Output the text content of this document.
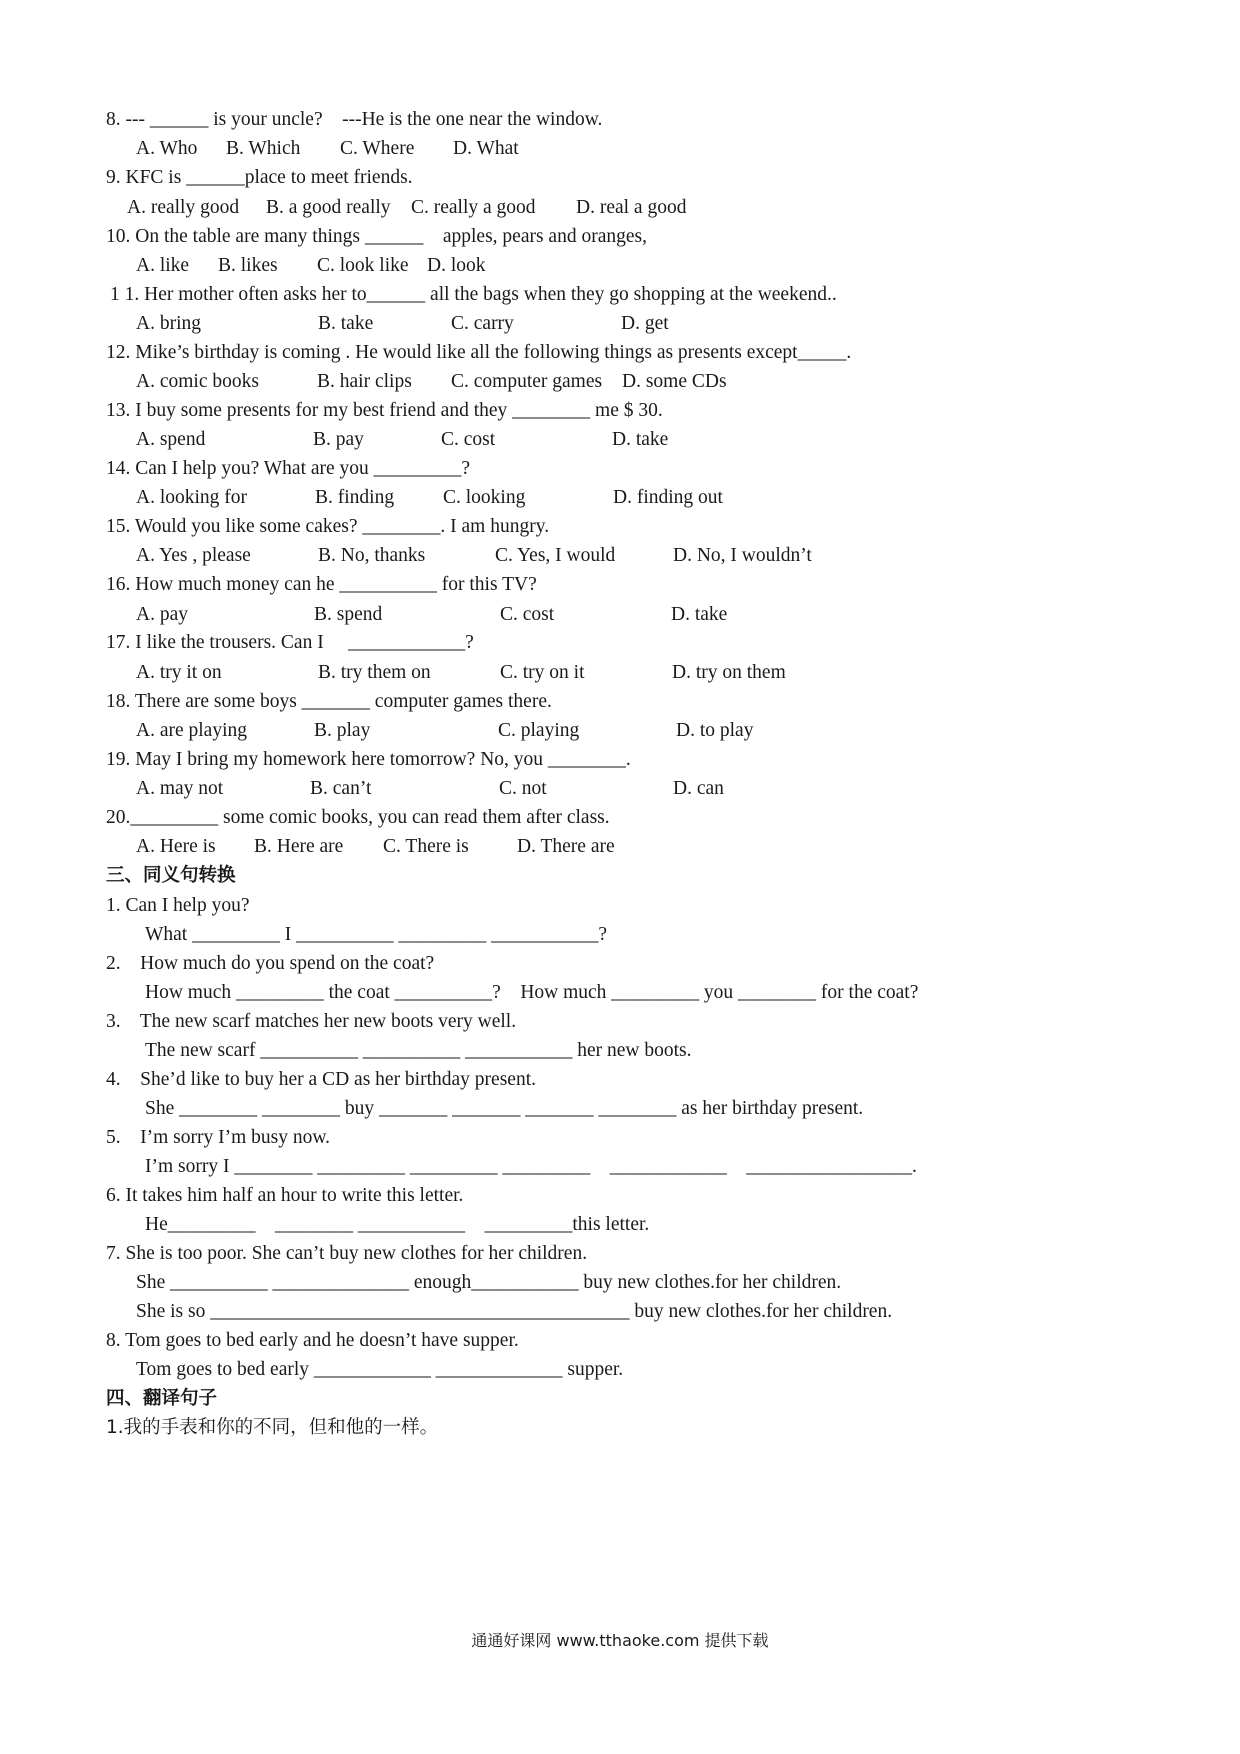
8. --- ______ is your uncle?    ---He is the one near the window.

A. Who

B. Which

C. Where

D. What

9. KFC is ______place to meet friends.

A. really good

B. a good really

C. really a good

D. real a good

10. On the table are many things ______    apples, pears and oranges,

A. like

B. likes

C. look like

D. look

1 1. Her mother often asks her to______ all the bags when they go shopping at the weekend..

A. bring

	B. take

	C. carry

	D. get

12. Mike’s birthday is coming . He would like all the following things as presents except_____.

A. comic books

	B. hair clips

C. computer games

D. some CDs

13. I buy some presents for my best friend and they ________ me $ 30.

A. spend

	B. pay

	C. cost

	D. take

14. Can I help you? What are you _________?

A. looking for

	B. finding

	C. looking

	D. finding out

15. Would you like some cakes? ________. I am hungry.

A. Yes , please

	B. No, thanks

	C. Yes, I would

	D. No, I wouldn’t

16. How much money can he __________ for this TV?

A. pay

	B. spend

	C. cost

	D. take

17. I like the trousers. Can I     ____________?

A. try it on

	B. try them on

	C. try on it

	D. try on them

18. There are some boys _______ computer games there.

A. are playing

	B. play

	C. playing

	D. to play

19. May I bring my homework here tomorrow? No, you ________.

A. may not

	B. can’t

	C. not

	D. can

20._________ some comic books, you can read them after class.

A. Here is

B. Here are

C. There is

D. There are

三、同义句转换

1. Can I help you?

What _________ I __________ _________ ___________?

2.    How much do you spend on the coat?

How much _________ the coat __________?    How much _________ you ________ for the coat?

3.    The new scarf matches her new boots very well.

The new scarf __________ __________ ___________ her new boots.

4.    She’d like to buy her a CD as her birthday present.

She ________ ________ buy _______ _______ _______ ________ as her birthday present.

5.    I’m sorry I’m busy now.

I’m sorry I ________ _________ _________ _________    ____________    _________________.

6. It takes him half an hour to write this letter.

He_________    ________ ___________    _________this letter.

7. She is too poor. She can’t buy new clothes for her children.

She __________ ______________ enough___________ buy new clothes.for her children.

She is so ___________________________________________ buy new clothes.for her children.

8. Tom goes to bed early and he doesn’t have supper.

Tom goes to bed early ____________ _____________ supper.

四、翻译句子

1.我的手表和你的不同，但和他的一样。

通通好课网 www.tthaoke.com 提供下载
